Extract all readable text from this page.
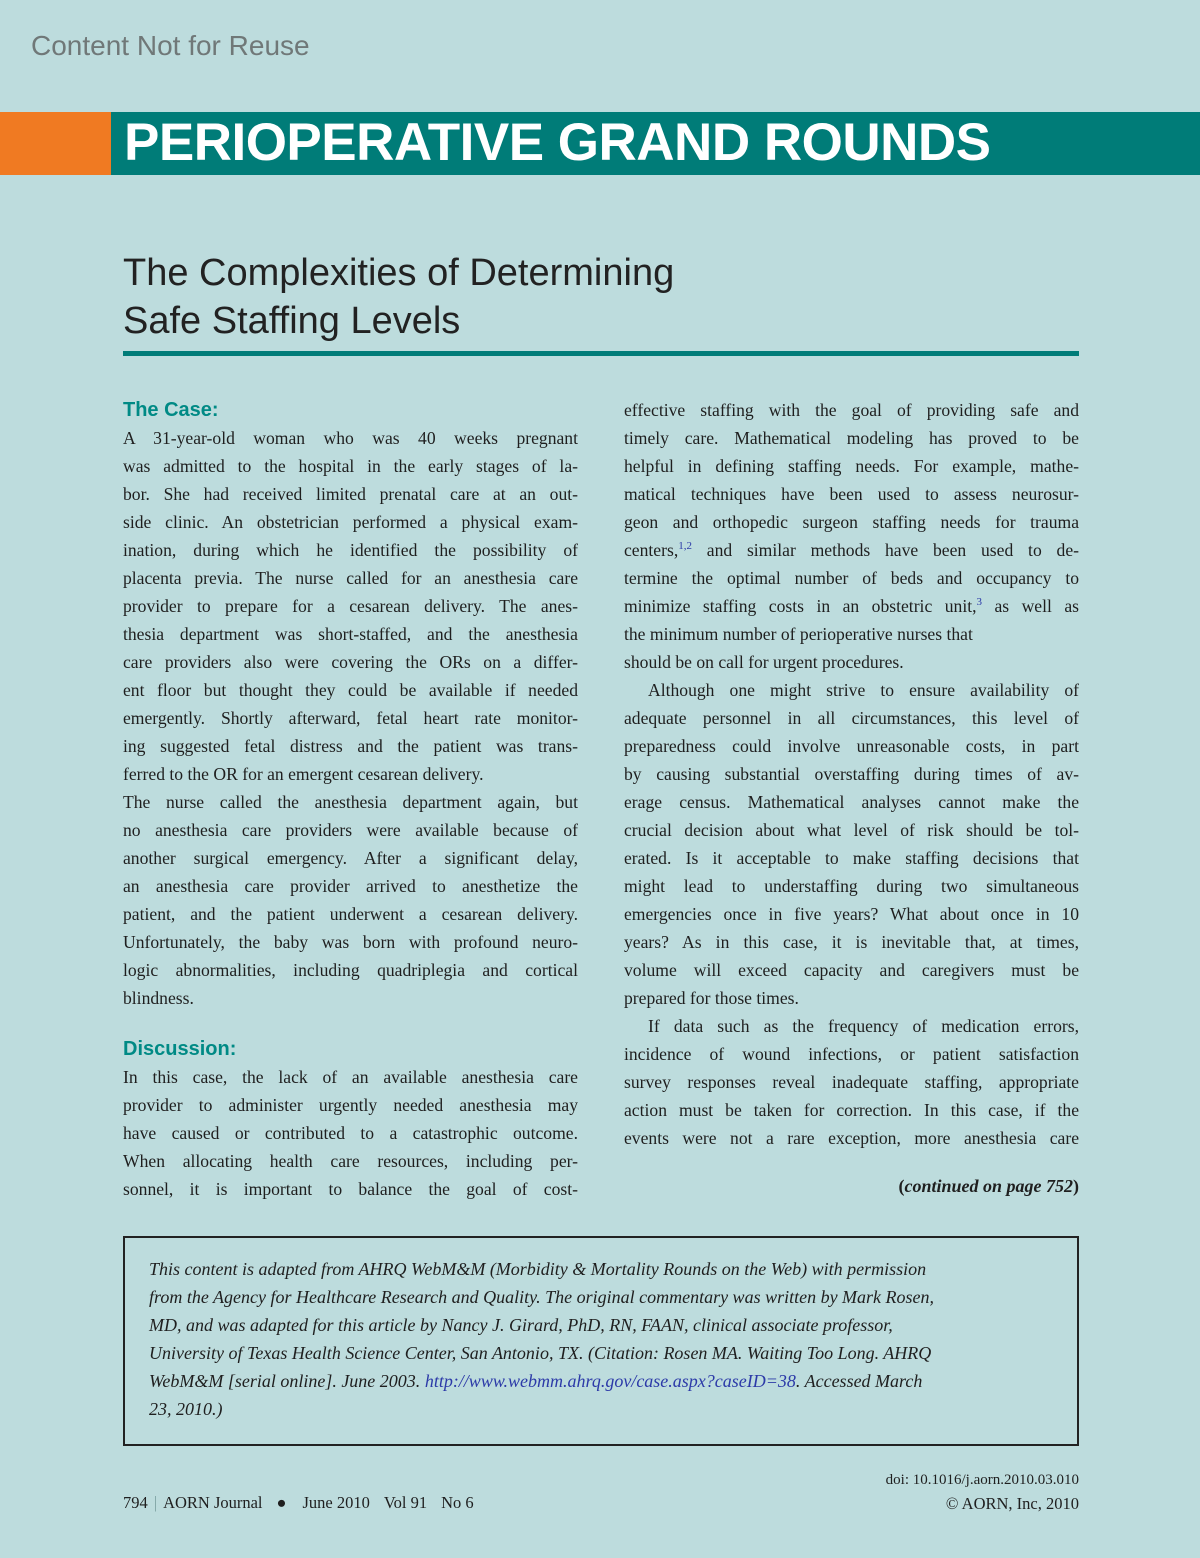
Content Not for Reuse
PERIOPERATIVE GRAND ROUNDS
The Complexities of Determining
Safe Staffing Levels
The Case:
A 31-year-old woman who was 40 weeks pregnant
was admitted to the hospital in the early stages of la-
bor. She had received limited prenatal care at an out-
side clinic. An obstetrician performed a physical exam-
ination, during which he identified the possibility of
placenta previa. The nurse called for an anesthesia care
provider to prepare for a cesarean delivery. The anes-
thesia department was short-staffed, and the anesthesia
care providers also were covering the ORs on a differ-
ent floor but thought they could be available if needed
emergently. Shortly afterward, fetal heart rate monitor-
ing suggested fetal distress and the patient was trans-
ferred to the OR for an emergent cesarean delivery.
The nurse called the anesthesia department again, but
no anesthesia care providers were available because of
another surgical emergency. After a significant delay,
an anesthesia care provider arrived to anesthetize the
patient, and the patient underwent a cesarean delivery.
Unfortunately, the baby was born with profound neuro-
logic abnormalities, including quadriplegia and cortical
blindness.
Discussion:
In this case, the lack of an available anesthesia care
provider to administer urgently needed anesthesia may
have caused or contributed to a catastrophic outcome.
When allocating health care resources, including per-
sonnel, it is important to balance the goal of cost-
effective staffing with the goal of providing safe and
timely care. Mathematical modeling has proved to be
helpful in defining staffing needs. For example, mathe-
matical techniques have been used to assess neurosur-
geon and orthopedic surgeon staffing needs for trauma
centers,$^{1,2}$ and similar methods have been used to de-
termine the optimal number of beds and occupancy to
minimize staffing costs in an obstetric unit,$^3$ as well as
the minimum number of perioperative nurses that
should be on call for urgent procedures.
Although one might strive to ensure availability of
adequate personnel in all circumstances, this level of
preparedness could involve unreasonable costs, in part
by causing substantial overstaffing during times of av-
erage census. Mathematical analyses cannot make the
crucial decision about what level of risk should be tol-
erated. Is it acceptable to make staffing decisions that
might lead to understaffing during two simultaneous
emergencies once in five years? What about once in 10
years? As in this case, it is inevitable that, at times,
volume will exceed capacity and caregivers must be
prepared for those times.
If data such as the frequency of medication errors,
incidence of wound infections, or patient satisfaction
survey responses reveal inadequate staffing, appropriate
action must be taken for correction. In this case, if the
events were not a rare exception, more anesthesia care
(continued on page 752)
This content is adapted from AHRQ WebM&M (Morbidity & Mortality Rounds on the Web) with permission
from the Agency for Healthcare Research and Quality. The original commentary was written by Mark Rosen,
MD, and was adapted for this article by Nancy J. Girard, PhD, RN, FAAN, clinical associate professor,
University of Texas Health Science Center, San Antonio, TX. (Citation: Rosen MA. Waiting Too Long. AHRQ
WebM&M [serial online]. June 2003. http://www.webmm.ahrq.gov/case.aspx?caseID=38. Accessed March
23, 2010.)
794 | AORN Journal ● June 2010 Vol 91 No 6
doi: 10.1016/j.aorn.2010.03.010
© AORN, Inc, 2010
